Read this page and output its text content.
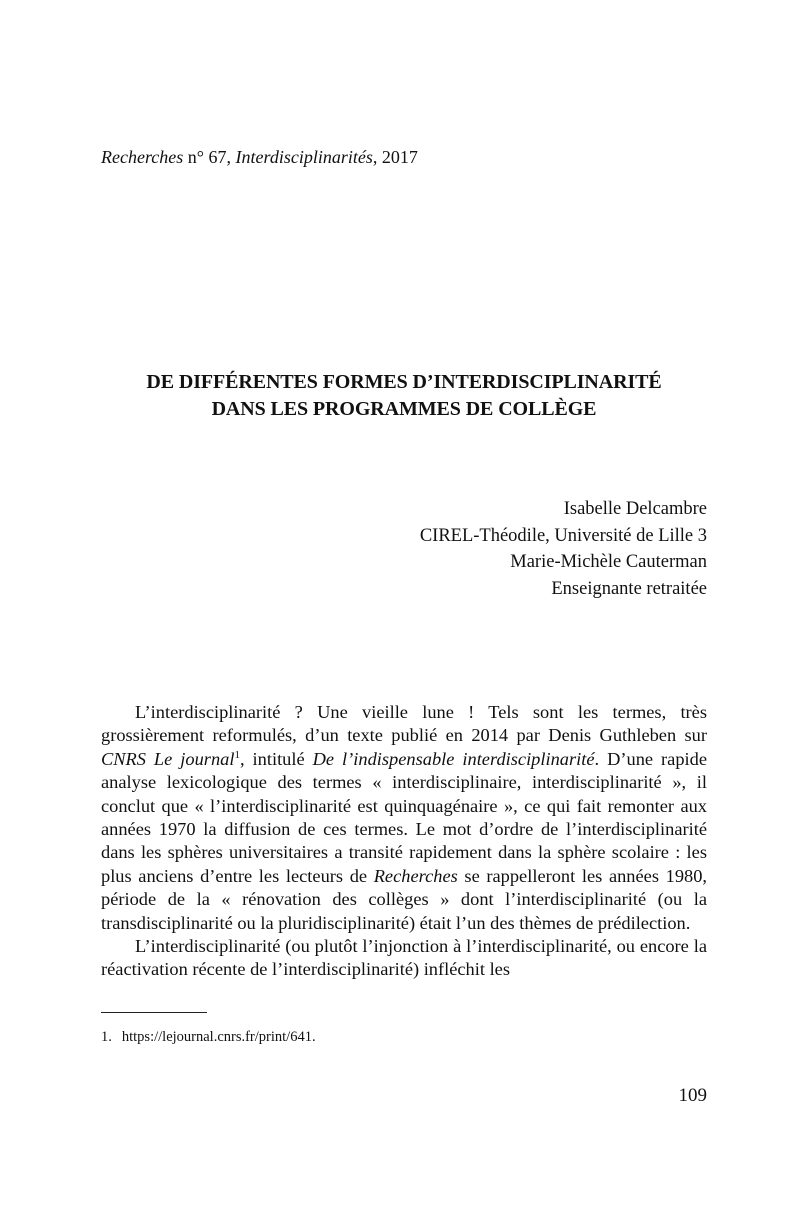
Recherches n° 67, Interdisciplinarités, 2017
DE DIFFÉRENTES FORMES D’INTERDISCIPLINARITÉ
DANS LES PROGRAMMES DE COLLÈGE
Isabelle Delcambre
CIREL-Théodile, Université de Lille 3
Marie-Michèle Cauterman
Enseignante retraitée

L’interdisciplinarité ? Une vieille lune ! Tels sont les termes, très grossièrement reformulés, d’un texte publié en 2014 par Denis Guthleben sur CNRS Le journal$^1$, intitulé De l’indispensable interdisciplinarité. D’une rapide analyse lexicologique des termes « interdisciplinaire, interdisciplinarité », il conclut que « l’interdisciplinarité est quinquagénaire », ce qui fait remonter aux années 1970 la diffusion de ces termes. Le mot d’ordre de l’interdisciplinarité dans les sphères universitaires a transité rapidement dans la sphère scolaire : les plus anciens d’entre les lecteurs de Recherches se rappelleront les années 1980, période de la « rénovation des collèges » dont l’interdisciplinarité (ou la transdisciplinarité ou la pluridisciplinarité) était l’un des thèmes de prédilection.

L’interdisciplinarité (ou plutôt l’injonction à l’interdisciplinarité, ou encore la réactivation récente de l’interdisciplinarité) infléchit les

1. https://lejournal.cnrs.fr/print/641.
109
